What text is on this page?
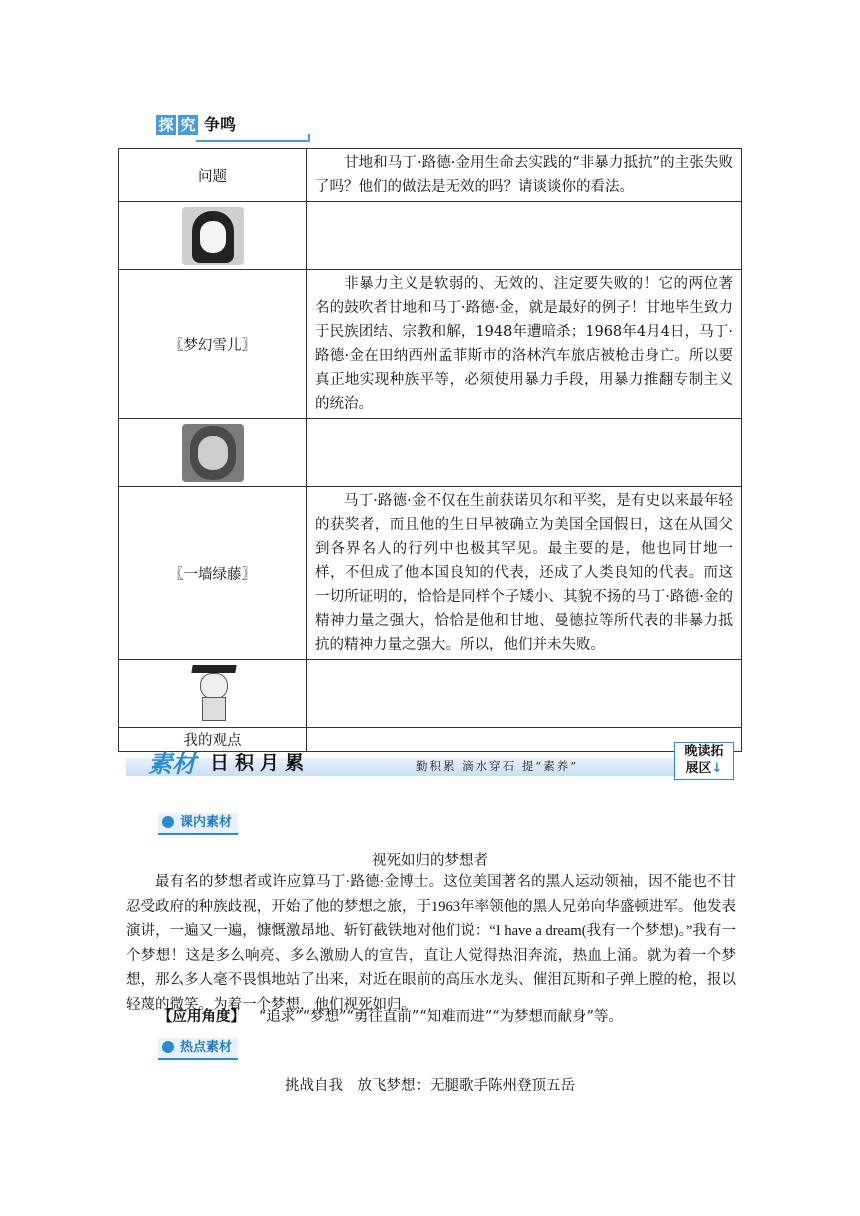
探 究 争鸣
问题	甘地和马丁·路德·金用生命去实践的“非暴力抵抗”的主张失败了吗？他们的做法是无效的吗？请谈谈你的看法。

〖梦幻雪儿〗	非暴力主义是软弱的、无效的、注定要失败的！它的两位著名的鼓吹者甘地和马丁·路德·金，就是最好的例子！甘地毕生致力于民族团结、宗教和解，1948年遭暗杀；1968年4月4日，马丁·路德·金在田纳西州孟菲斯市的洛林汽车旅店被枪击身亡。所以要真正地实现种族平等，必须使用暴力手段，用暴力推翻专制主义的统治。

〖一墙绿藤〗	马丁·路德·金不仅在生前获诺贝尔和平奖，是有史以来最年轻的获奖者，而且他的生日早被确立为美国全国假日，这在从国父到各界名人的行列中也极其罕见。最主要的是，他也同甘地一样，不但成了他本国良知的代表，还成了人类良知的代表。而这一切所证明的，恰恰是同样个子矮小、其貌不扬的马丁·路德·金的精神力量之强大，恰恰是他和甘地、曼德拉等所代表的非暴力抵抗的精神力量之强大。所以，他们并未失败。

我的观点	
素材 日积月累	勤积累 滴水穿石 提“素养”
晚读拓
展区↓
课内素材
视死如归的梦想者
最有名的梦想者或许应算马丁·路德·金博士。这位美国著名的黑人运动领袖，因不能也不甘忍受政府的种族歧视，开始了他的梦想之旅，于1963年率领他的黑人兄弟向华盛顿进军。他发表演讲，一遍又一遍，慷慨激昂地、斩钉截铁地对他们说：“I have a dream(我有一个梦想)。”我有一个梦想！这是多么响亮、多么激励人的宣告，直让人觉得热泪奔流，热血上涌。就为着一个梦想，那么多人毫不畏惧地站了出来，对近在眼前的高压水龙头、催泪瓦斯和子弹上膛的枪，报以轻蔑的微笑。为着一个梦想，他们视死如归。
【应用角度】 “追求”“梦想”“勇往直前”“知难而进”“为梦想而献身”等。
热点素材
挑战自我　放飞梦想：无腿歌手陈州登顶五岳
